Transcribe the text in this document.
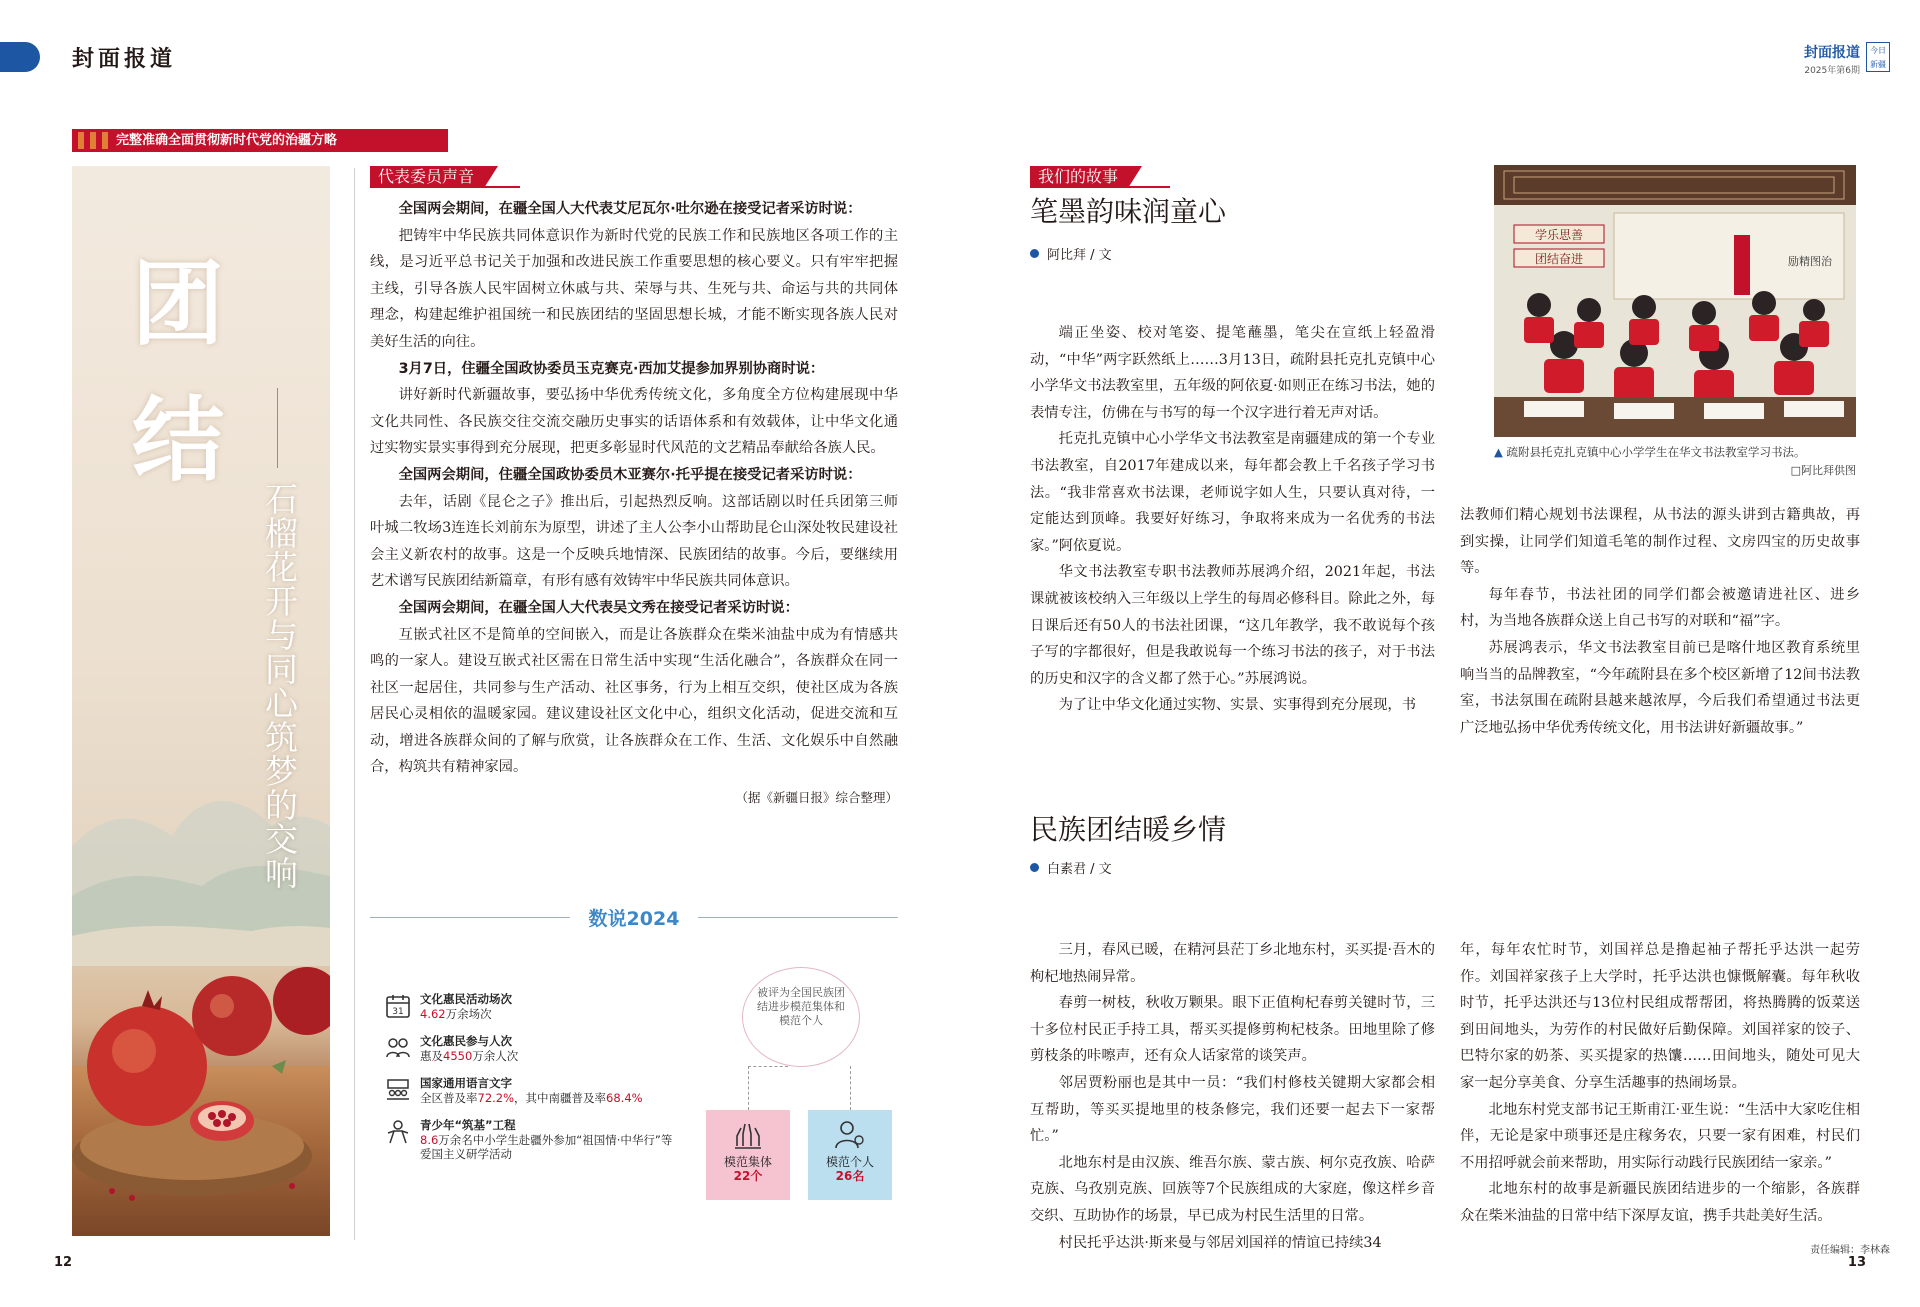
封面报道	封面报道
2025年第6期
今日新疆
完整准确全面贯彻新时代党的治疆方略
团
结
石榴花开与同心筑梦的交响
代表委员声音

全国两会期间，在疆全国人大代表艾尼瓦尔·吐尔逊在接受记者采访时说：

把铸牢中华民族共同体意识作为新时代党的民族工作和民族地区各项工作的主线，是习近平总书记关于加强和改进民族工作重要思想的核心要义。只有牢牢把握主线，引导各族人民牢固树立休戚与共、荣辱与共、生死与共、命运与共的共同体理念，构建起维护祖国统一和民族团结的坚固思想长城，才能不断实现各族人民对美好生活的向往。

3月7日，住疆全国政协委员玉克赛克·西加艾提参加界别协商时说：

讲好新时代新疆故事，要弘扬中华优秀传统文化，多角度全方位构建展现中华文化共同性、各民族交往交流交融历史事实的话语体系和有效载体，让中华文化通过实物实景实事得到充分展现，把更多彰显时代风范的文艺精品奉献给各族人民。

全国两会期间，住疆全国政协委员木亚赛尔·托乎提在接受记者采访时说：

去年，话剧《昆仑之子》推出后，引起热烈反响。这部话剧以时任兵团第三师叶城二牧场3连连长刘前东为原型，讲述了主人公李小山帮助昆仑山深处牧民建设社会主义新农村的故事。这是一个反映兵地情深、民族团结的故事。今后，要继续用艺术谱写民族团结新篇章，有形有感有效铸牢中华民族共同体意识。

全国两会期间，在疆全国人大代表吴文秀在接受记者采访时说：

互嵌式社区不是简单的空间嵌入，而是让各族群众在柴米油盐中成为有情感共鸣的一家人。建设互嵌式社区需在日常生活中实现“生活化融合”，各族群众在同一社区一起居住，共同参与生产活动、社区事务，行为上相互交织，使社区成为各族居民心灵相依的温暖家园。建议建设社区文化中心，组织文化活动，促进交流和互动，增进各族群众间的了解与欣赏，让各族群众在工作、生活、文化娱乐中自然融合，构筑共有精神家园。

（据《新疆日报》综合整理）
数说2024
31
文化惠民活动场次
4.62万余场次
文化惠民参与人次
惠及4550万余人次
国家通用语言文字
全区普及率72.2%，其中南疆普及率68.4%
青少年“筑基”工程
8.6万余名中小学生赴疆外参加“祖国情·中华行”等爱国主义研学活动
被评为全国民族团结进步模范集体和模范个人
模范集体
22个
模范个人
26名
12
我们的故事
笔墨韵味润童心
阿比拜 / 文
学乐思善
团结奋进	励精图治
▲ 疏附县托克扎克镇中心小学学生在华文书法教室学习书法。
□阿比拜供图

端正坐姿、校对笔姿、提笔蘸墨，笔尖在宣纸上轻盈滑动，“中华”两字跃然纸上……3月13日，疏附县托克扎克镇中心小学华文书法教室里，五年级的阿依夏·如则正在练习书法，她的表情专注，仿佛在与书写的每一个汉字进行着无声对话。

托克扎克镇中心小学华文书法教室是南疆建成的第一个专业书法教室，自2017年建成以来，每年都会教上千名孩子学习书法。“我非常喜欢书法课，老师说字如人生，只要认真对待，一定能达到顶峰。我要好好练习，争取将来成为一名优秀的书法家。”阿依夏说。

华文书法教室专职书法教师苏展鸿介绍，2021年起，书法课就被该校纳入三年级以上学生的每周必修科目。除此之外，每日课后还有50人的书法社团课，“这几年教学，我不敢说每个孩子写的字都很好，但是我敢说每一个练习书法的孩子，对于书法的历史和汉字的含义都了然于心。”苏展鸿说。

为了让中华文化通过实物、实景、实事得到充分展现，书

法教师们精心规划书法课程，从书法的源头讲到古籍典故，再到实操，让同学们知道毛笔的制作过程、文房四宝的历史故事等。

每年春节，书法社团的同学们都会被邀请进社区、进乡村，为当地各族群众送上自己书写的对联和“福”字。

苏展鸿表示，华文书法教室目前已是喀什地区教育系统里响当当的品牌教室，“今年疏附县在多个校区新增了12间书法教室，书法氛围在疏附县越来越浓厚，今后我们希望通过书法更广泛地弘扬中华优秀传统文化，用书法讲好新疆故事。”

民族团结暖乡情
白素君 / 文

三月，春风已暖，在精河县茫丁乡北地东村，买买提·吾木的枸杞地热闹异常。

春剪一树枝，秋收万颗果。眼下正值枸杞春剪关键时节，三十多位村民正手持工具，帮买买提修剪枸杞枝条。田地里除了修剪枝条的咔嚓声，还有众人话家常的谈笑声。

邻居贾粉丽也是其中一员：“我们村修枝关键期大家都会相互帮助，等买买提地里的枝条修完，我们还要一起去下一家帮忙。”

北地东村是由汉族、维吾尔族、蒙古族、柯尔克孜族、哈萨克族、乌孜别克族、回族等7个民族组成的大家庭，像这样乡音交织、互助协作的场景，早已成为村民生活里的日常。

村民托乎达洪·斯来曼与邻居刘国祥的情谊已持续34

年，每年农忙时节，刘国祥总是撸起袖子帮托乎达洪一起劳作。刘国祥家孩子上大学时，托乎达洪也慷慨解囊。每年秋收时节，托乎达洪还与13位村民组成帮帮团，将热腾腾的饭菜送到田间地头，为劳作的村民做好后勤保障。刘国祥家的饺子、巴特尔家的奶茶、买买提家的热馕……田间地头，随处可见大家一起分享美食、分享生活趣事的热闹场景。

北地东村党支部书记王斯甫江·亚生说：“生活中大家吃住相伴，无论是家中琐事还是庄稼务农，只要一家有困难，村民们不用招呼就会前来帮助，用实际行动践行民族团结一家亲。”

北地东村的故事是新疆民族团结进步的一个缩影，各族群众在柴米油盐的日常中结下深厚友谊，携手共赴美好生活。

责任编辑：李林森
13
